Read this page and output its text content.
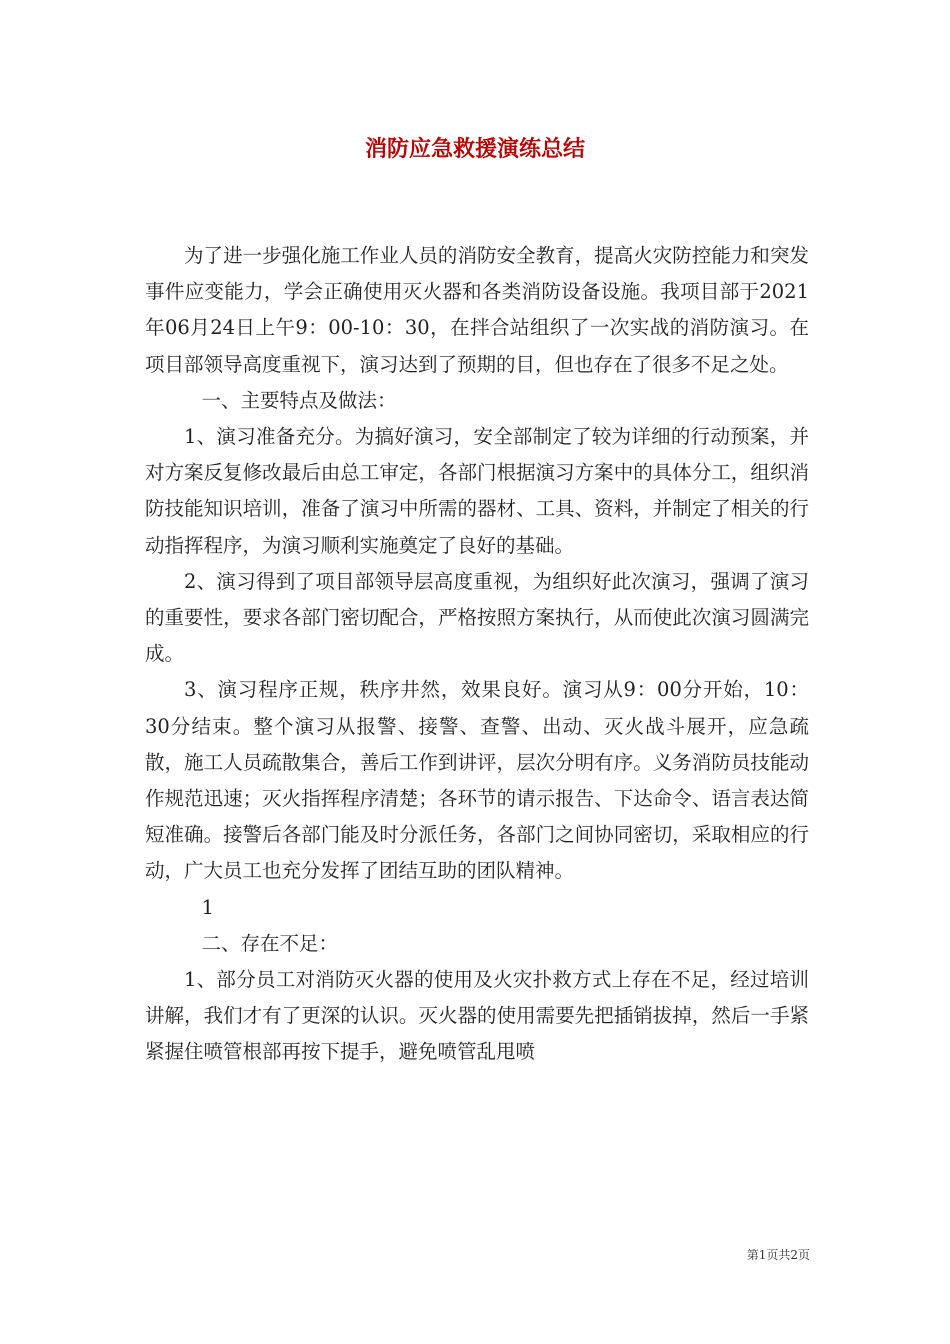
消防应急救援演练总结

为了进一步强化施工作业人员的消防安全教育，提高火灾防控能力和突发事件应变能力，学会正确使用灭火器和各类消防设备设施。我项目部于2021年06月24日上午9：00-10：30，在拌合站组织了一次实战的消防演习。在项目部领导高度重视下，演习达到了预期的目，但也存在了很多不足之处。

一、主要特点及做法：

1、演习准备充分。为搞好演习，安全部制定了较为详细的行动预案，并对方案反复修改最后由总工审定，各部门根据演习方案中的具体分工，组织消防技能知识培训，准备了演习中所需的器材、工具、资料，并制定了相关的行动指挥程序，为演习顺利实施奠定了良好的基础。

2、演习得到了项目部领导层高度重视，为组织好此次演习，强调了演习的重要性，要求各部门密切配合，严格按照方案执行，从而使此次演习圆满完成。

3、演习程序正规，秩序井然，效果良好。演习从9：00分开始，10：30分结束。整个演习从报警、接警、查警、出动、灭火战斗展开，应急疏散，施工人员疏散集合，善后工作到讲评，层次分明有序。义务消防员技能动作规范迅速；灭火指挥程序清楚；各环节的请示报告、下达命令、语言表达简短准确。接警后各部门能及时分派任务，各部门之间协同密切，采取相应的行动，广大员工也充分发挥了团结互助的团队精神。

1

二、存在不足：

1、部分员工对消防灭火器的使用及火灾扑救方式上存在不足，经过培训讲解，我们才有了更深的认识。灭火器的使用需要先把插销拔掉，然后一手紧紧握住喷管根部再按下提手，避免喷管乱甩喷

第1页共2页
